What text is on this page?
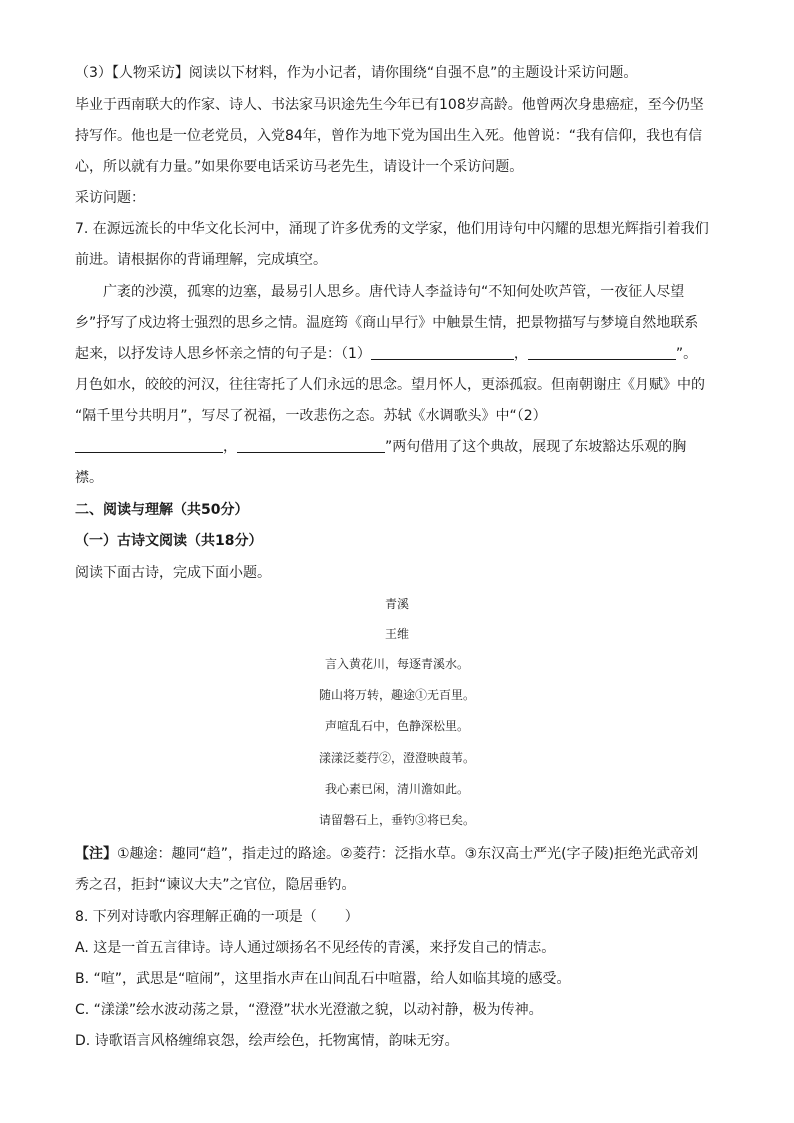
（3）【人物采访】阅读以下材料，作为小记者，请你围绕“自强不息”的主题设计采访问题。
毕业于西南联大的作家、诗人、书法家马识途先生今年已有108岁高龄。他曾两次身患癌症，至今仍坚
持写作。他也是一位老党员，入党84年，曾作为地下党为国出生入死。他曾说：“我有信仰，我也有信
心，所以就有力量。”如果你要电话采访马老先生，请设计一个采访问题。
采访问题：
7. 在源远流长的中华文化长河中，涌现了许多优秀的文学家，他们用诗句中闪耀的思想光辉指引着我们
前进。请根据你的背诵理解，完成填空。
广袤的沙漠，孤寒的边塞，最易引人思乡。唐代诗人李益诗句“不知何处吹芦管，一夜征人尽望
乡”抒写了戍边将士强烈的思乡之情。温庭筠《商山早行》中触景生情，把景物描写与梦境自然地联系
起来，以抒发诗人思乡怀亲之情的句子是：（1）	，	”。
月色如水，皎皎的河汉，往往寄托了人们永远的思念。望月怀人，更添孤寂。但南朝谢庄《月赋》中的
“隔千里兮共明月”，写尽了祝福，一改悲伤之态。苏轼《水调歌头》中“（2）
，	”两句借用了这个典故，展现了东坡豁达乐观的胸
襟。
二、阅读与理解（共50分）
（一）古诗文阅读（共18分）
阅读下面古诗，完成下面小题。
青溪
王维
言入黄花川，每逐青溪水。
随山将万转，趣途①无百里。
声喧乱石中，色静深松里。
漾漾泛菱荇②，澄澄映葭苇。
我心素已闲，清川澹如此。
请留磐石上，垂钓③将已矣。
【注】①趣途：趣同“趋”，指走过的路途。②菱荇：泛指水草。③东汉高士严光(字子陵)拒绝光武帝刘
秀之召，拒封“谏议大夫”之官位，隐居垂钓。
8. 下列对诗歌内容理解正确的一项是（　　）
A. 这是一首五言律诗。诗人通过颂扬名不见经传的青溪，来抒发自己的情志。
B. “喧”，武思是“喧闹”，这里指水声在山间乱石中喧嚣，给人如临其境的感受。
C. “漾漾”绘水波动荡之景，“澄澄”状水光澄澈之貌，以动衬静，极为传神。
D. 诗歌语言风格缠绵哀怨，绘声绘色，托物寓情，韵味无穷。
